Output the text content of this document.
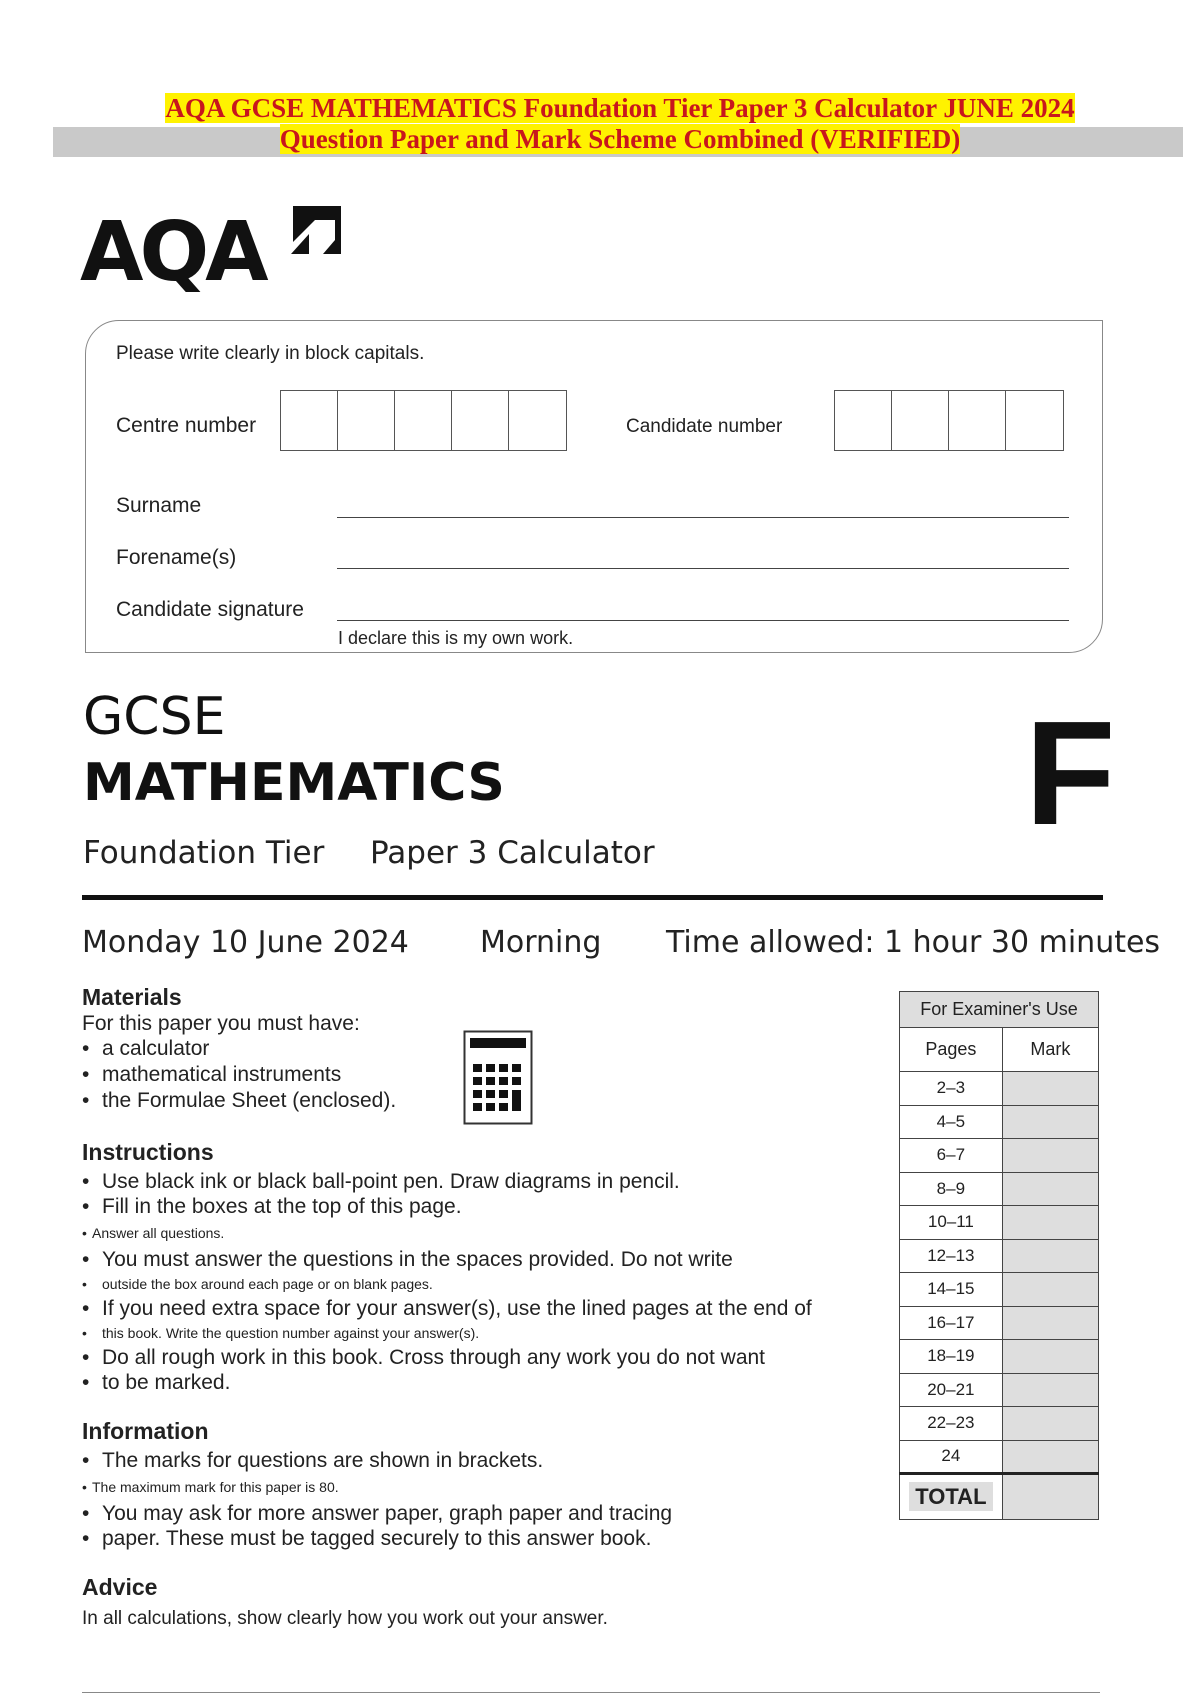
AQA GCSE MATHEMATICS Foundation Tier Paper 3 Calculator JUNE 2024
Question Paper and Mark Scheme Combined (VERIFIED)
AQA
Please write clearly in block capitals.
Centre number	Candidate number
Surname
Forename(s)
Candidate signature
I declare this is my own work.
GCSE
MATHEMATICS
Foundation Tier Paper 3 Calculator	F
Monday 10 June 2024 Morning Time allowed: 1 hour 30 minutes
Materials
For this paper you must have:
• a calculator
• mathematical instruments
• the Formulae Sheet (enclosed).
Instructions
• Use black ink or black ball-point pen. Draw diagrams in pencil.
• Fill in the boxes at the top of this page.
• Answer all questions.
• You must answer the questions in the spaces provided. Do not write
• outside the box around each page or on blank pages.
• If you need extra space for your answer(s), use the lined pages at the end of
• this book. Write the question number against your answer(s).
• Do all rough work in this book. Cross through any work you do not want
• to be marked.
Information
• The marks for questions are shown in brackets.
• The maximum mark for this paper is 80.
• You may ask for more answer paper, graph paper and tracing
• paper. These must be tagged securely to this answer book.
Advice
In all calculations, show clearly how you work out your answer.
For Examiner's Use	
Pages	Mark
2–3	
4–5	
6–7	
8–9	
10–11	
12–13	
14–15	
16–17	
18–19	
20–21	
22–23	
24	
TOTAL	
